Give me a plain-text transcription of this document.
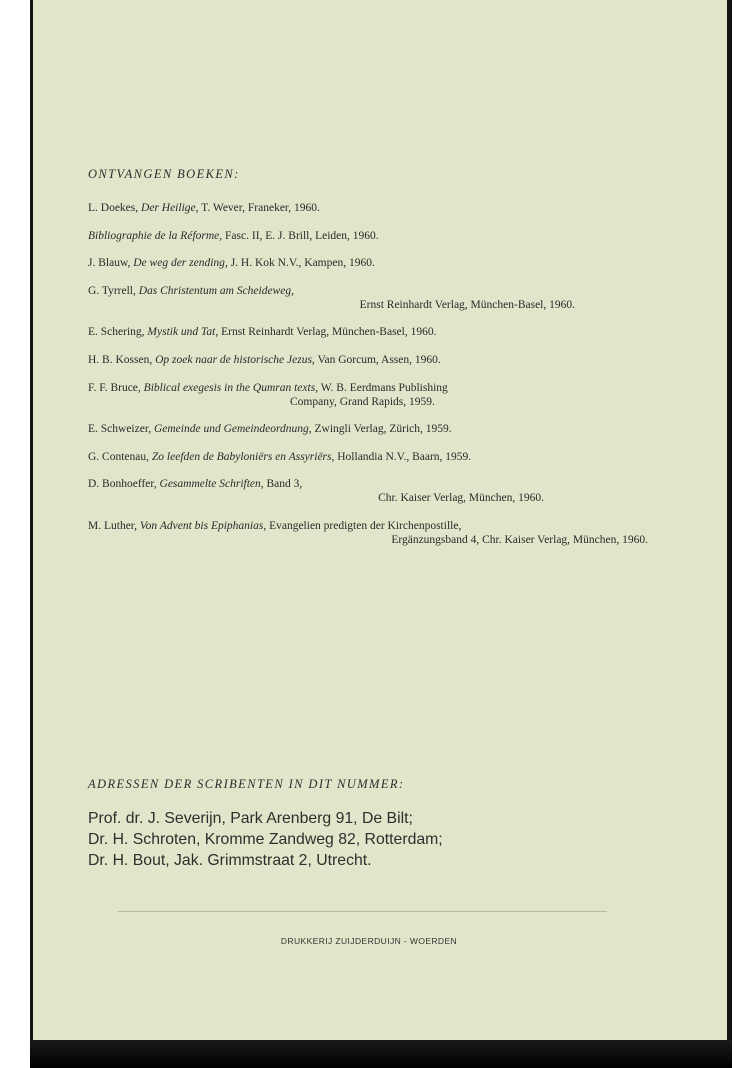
ONTVANGEN BOEKEN:

L. Doekes, Der Heilige, T. Wever, Franeker, 1960.
Bibliographie de la Réforme, Fasc. II, E. J. Brill, Leiden, 1960.
J. Blauw, De weg der zending, J. H. Kok N.V., Kampen, 1960.
G. Tyrrell, Das Christentum am Scheideweg,
Ernst Reinhardt Verlag, München-Basel, 1960.
E. Schering, Mystik und Tat, Ernst Reinhardt Verlag, München-Basel, 1960.
H. B. Kossen, Op zoek naar de historische Jezus, Van Gorcum, Assen, 1960.
F. F. Bruce, Biblical exegesis in the Qumran texts, W. B. Eerdmans Publishing
Company, Grand Rapids, 1959.
E. Schweizer, Gemeinde und Gemeindeordnung, Zwingli Verlag, Zürich, 1959.
G. Contenau, Zo leefden de Babyloniërs en Assyriërs, Hollandia N.V., Baarn, 1959.
D. Bonhoeffer, Gesammelte Schriften, Band 3,
Chr. Kaiser Verlag, München, 1960.
M. Luther, Von Advent bis Epiphanias, Evangelien predigten der Kirchenpostille,
Ergänzungsband 4, Chr. Kaiser Verlag, München, 1960.

ADRESSEN DER SCRIBENTEN IN DIT NUMMER:

Prof. dr. J. Severijn, Park Arenberg 91, De Bilt;
Dr. H. Schroten, Kromme Zandweg 82, Rotterdam;
Dr. H. Bout, Jak. Grimmstraat 2, Utrecht.
DRUKKERIJ ZUIJDERDUIJN - WOERDEN
